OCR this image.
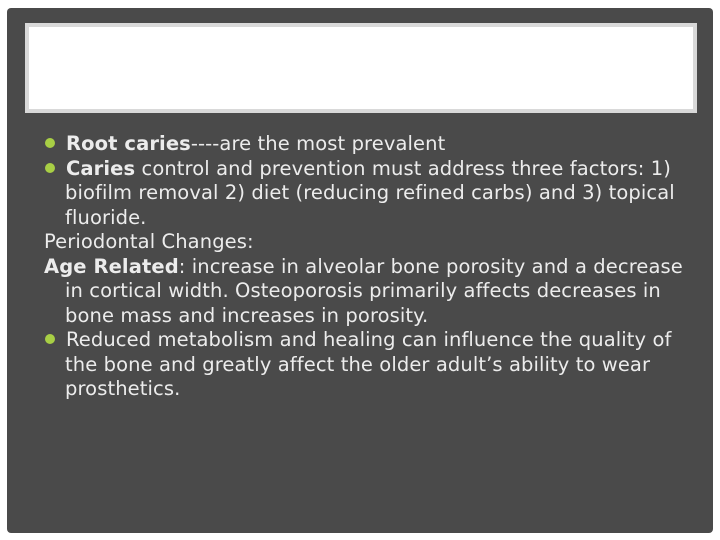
Root caries----are the most prevalent

Caries control and prevention must address three factors: 1) biofilm removal 2) diet (reducing refined carbs) and 3) topical fluoride.

Periodontal Changes:

Age Related: increase in alveolar bone porosity and a decrease in cortical width. Osteoporosis primarily affects decreases in bone mass and increases in porosity.

Reduced metabolism and healing can influence the quality of the bone and greatly affect the older adult’s ability to wear prosthetics.
